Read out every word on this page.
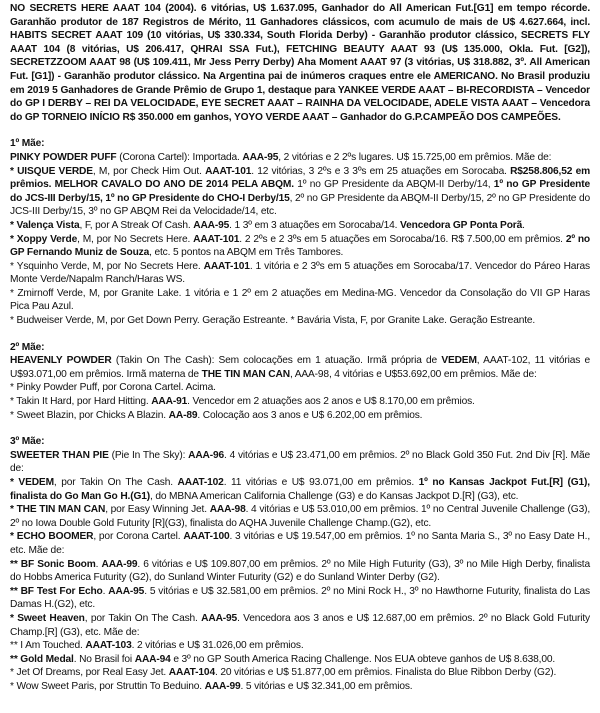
NO SECRETS HERE AAAT 104 (2004). 6 vitórias, U$ 1.637.095, Ganhador do All American Fut.[G1] em tempo récorde. Garanhão produtor de 187 Registros de Mérito, 11 Ganhadores clássicos, com acumulo de mais de U$ 4.627.664, incl. HABITS SECRET AAAT 109 (10 vitórias, U$ 330.334, South Florida Derby) - Garanhão produtor clássico, SECRETS FLY AAAT 104 (8 vitórias, U$ 206.417, QHRAI SSA Fut.), FETCHING BEAUTY AAAT 93 (U$ 135.000, Okla. Fut. [G2]), SECRETZZOOM AAAT 98 (U$ 109.411, Mr Jess Perry Derby) Aha Moment AAAT 97 (3 vitórias, U$ 318.882, 3º. All American Fut. [G1]) - Garanhão produtor clássico. Na Argentina pai de inúmeros craques entre ele AMERICANO. No Brasil produziu em 2019 5 Ganhadores de Grande Prêmio de Grupo 1, destaque para YANKEE VERDE AAAT – BI-RECORDISTA – Vencedor do GP I DERBY – REI DA VELOCIDADE, EYE SECRET AAAT – RAINHA DA VELOCIDADE, ADELE VISTA AAAT – Vencedora do GP TORNEIO INÍCIO R$ 350.000 em ganhos, YOYO VERDE AAAT – Ganhador do G.P.CAMPEÃO DOS CAMPEÕES.

1º Mãe:

PINKY POWDER PUFF (Corona Cartel): Importada. AAA-95, 2 vitórias e 2 2ºs lugares. U$ 15.725,00 em prêmios. Mãe de:

* UISQUE VERDE, M, por Check Him Out. AAAT-101. 12 vitórias, 3 2ºs e 3 3ºs em 25 atuações em Sorocaba. R$258.806,52 em prêmios. MELHOR CAVALO DO ANO DE 2014 PELA ABQM. 1º no GP Presidente da ABQM-II Derby/14, 1º no GP Presidente do JCS-III Derby/15, 1º no GP Presidente do CHO-I Derby/15, 2º no GP Presidente da ABQM-II Derby/15, 2º no GP Presidente do JCS-III Derby/15, 3º no GP ABQM Rei da Velocidade/14, etc.

* Valença Vista, F, por A Streak Of Cash. AAA-95. 1 3º em 3 atuações em Sorocaba/14. Vencedora GP Ponta Porã.

* Xoppy Verde, M, por No Secrets Here. AAAT-101. 2 2ºs e 2 3ºs em 5 atuações em Sorocaba/16. R$ 7.500,00 em prêmios. 2º no GP Fernando Muniz de Souza, etc. 5 pontos na ABQM em Três Tambores.

* Ysquinho Verde, M, por No Secrets Here. AAAT-101. 1 vitória e 2 3ºs em 5 atuações em Sorocaba/17. Vencedor do Páreo Haras Monte Verde/Napalm Ranch/Haras WS.

* Zmirnoff Verde, M, por Granite Lake. 1 vitória e 1 2º em 2 atuações em Medina-MG. Vencedor da Consolação do VII GP Haras Pica Pau Azul.

* Budweiser Verde, M, por Get Down Perry. Geração Estreante. * Bavária Vista, F, por Granite Lake. Geração Estreante.

2º Mãe:

HEAVENLY POWDER (Takin On The Cash): Sem colocações em 1 atuação. Irmã própria de VEDEM, AAAT-102, 11 vitórias e U$93.071,00 em prêmios. Irmã materna de THE TIN MAN CAN, AAA-98, 4 vitórias e U$53.692,00 em prêmios. Mãe de:

* Pinky Powder Puff, por Corona Cartel. Acima.

* Takin It Hard, por Hard Hitting. AAA-91. Vencedor em 2 atuações aos 2 anos e U$ 8.170,00 em prêmios.

* Sweet Blazin, por Chicks A Blazin. AA-89. Colocação aos 3 anos e U$ 6.202,00 em prêmios.

3º Mãe:

SWEETER THAN PIE (Pie In The Sky): AAA-96. 4 vitórias e U$ 23.471,00 em prêmios. 2º no Black Gold 350 Fut. 2nd Div [R]. Mãe de:

* VEDEM, por Takin On The Cash. AAAT-102. 11 vitórias e U$ 93.071,00 em prêmios. 1º no Kansas Jackpot Fut.[R] (G1), finalista do Go Man Go H.(G1), do MBNA American California Challenge (G3) e do Kansas Jackpot D.[R] (G3), etc.

* THE TIN MAN CAN, por Easy Winning Jet. AAA-98. 4 vitórias e U$ 53.010,00 em prêmios. 1º no Central Juvenile Challenge (G3), 2º no Iowa Double Gold Futurity [R](G3), finalista do AQHA Juvenile Challenge Champ.(G2), etc.

* ECHO BOOMER, por Corona Cartel. AAAT-100. 3 vitórias e U$ 19.547,00 em prêmios. 1º no Santa Maria S., 3º no Easy Date H., etc. Mãe de:

** BF Sonic Boom. AAA-99. 6 vitórias e U$ 109.807,00 em prêmios. 2º no Mile High Futurity (G3), 3º no Mile High Derby, finalista do Hobbs America Futurity (G2), do Sunland Winter Futurity (G2) e do Sunland Winter Derby (G2).

** BF Test For Echo. AAA-95. 5 vitórias e U$ 32.581,00 em prêmios. 2º no Mini Rock H., 3º no Hawthorne Futurity, finalista do Las Damas H.(G2), etc.

* Sweet Heaven, por Takin On The Cash. AAA-95. Vencedora aos 3 anos e U$ 12.687,00 em prêmios. 2º no Black Gold Futurity Champ.[R] (G3), etc. Mãe de:

** I Am Touched. AAAT-103. 2 vitórias e U$ 31.026,00 em prêmios.

** Gold Medal. No Brasil foi AAA-94 e 3º no GP South America Racing Challenge. Nos EUA obteve ganhos de U$ 8.638,00.

* Jet Of Dreams, por Real Easy Jet. AAAT-104. 20 vitórias e U$ 51.877,00 em prêmios. Finalista do Blue Ribbon Derby (G2).

* Wow Sweet Paris, por Struttin To Beduino. AAA-99. 5 vitórias e U$ 32.341,00 em prêmios.
